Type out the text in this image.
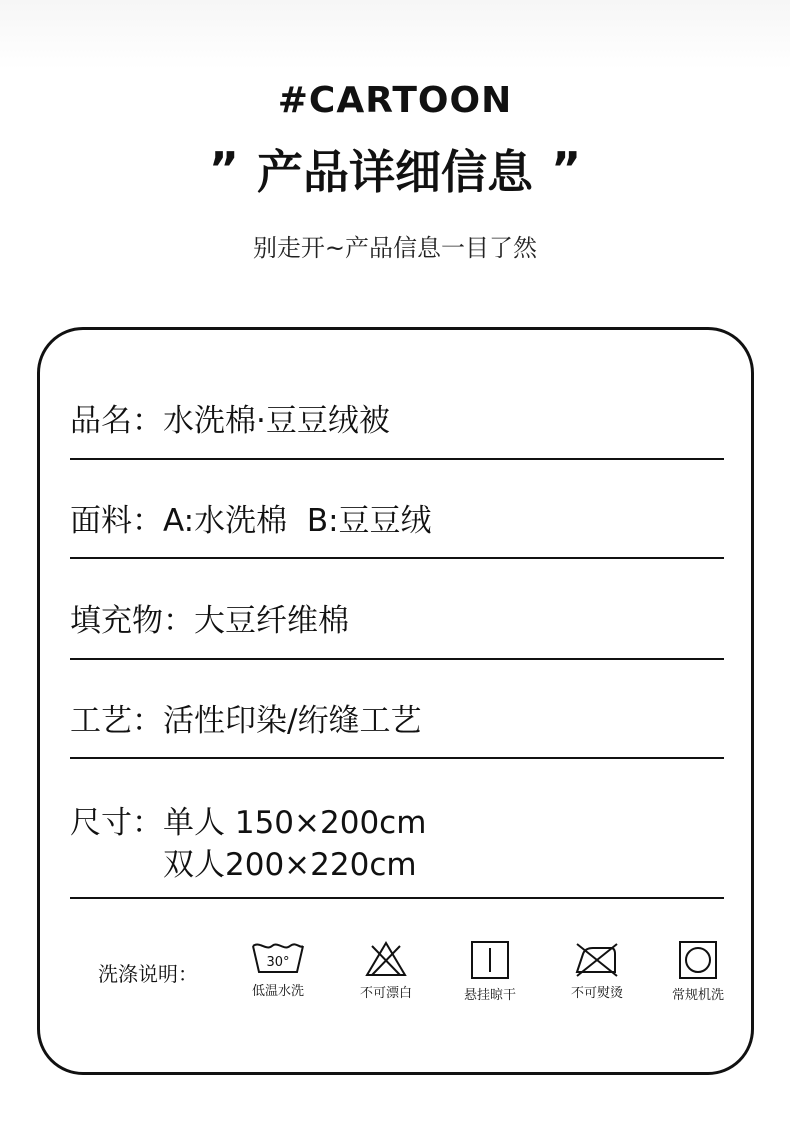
#CARTOON
” 产品详细信息 ”
别走开~产品信息一目了然
品名： 水洗棉·豆豆绒被
面料： A:水洗棉  B:豆豆绒
填充物： 大豆纤维棉
工艺： 活性印染/绗缝工艺
尺寸： 单人 150×200cm
双人200×220cm
洗涤说明：	30°
低温水洗	不可漂白	悬挂晾干	不可熨烫	常规机洗
